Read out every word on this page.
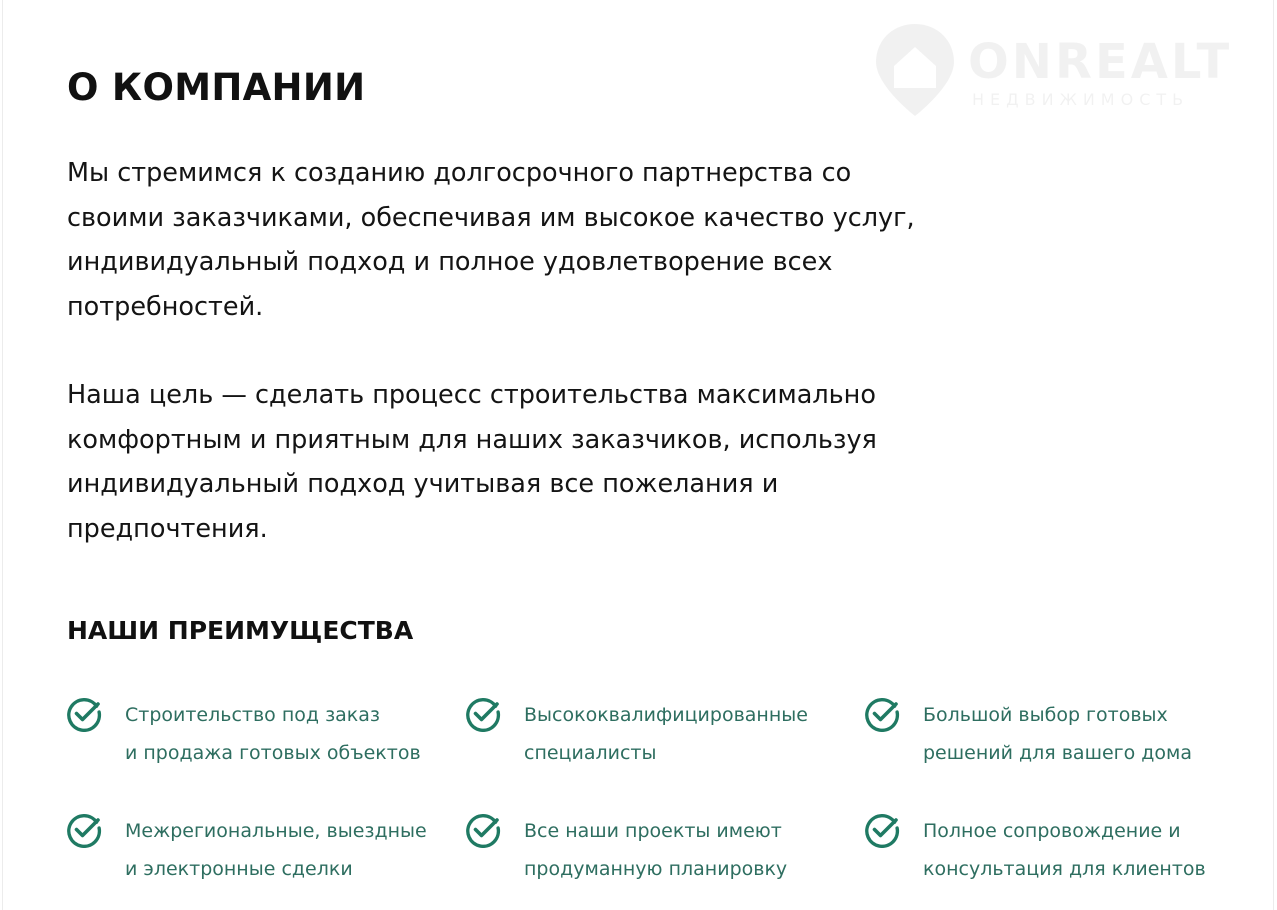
ONREALT
НЕДВИЖИМОСТЬ
О КОМПАНИИ

Мы стремимся к созданию долгосрочного партнерства со
своими заказчиками, обеспечивая им высокое качество услуг,
индивидуальный подход и полное удовлетворение всех
потребностей.

Наша цель — сделать процесс строительства максимально
комфортным и приятным для наших заказчиков, используя
индивидуальный подход учитывая все пожелания и
предпочтения.

НАШИ ПРЕИМУЩЕСТВА
Строительство под заказ
и продажа готовых объектов
Высококвалифицированные
специалисты
Большой выбор готовых
решений для вашего дома
Межрегиональные, выездные
и электронные сделки
Все наши проекты имеют
продуманную планировку
Полное сопровождение и
консультация для клиентов
